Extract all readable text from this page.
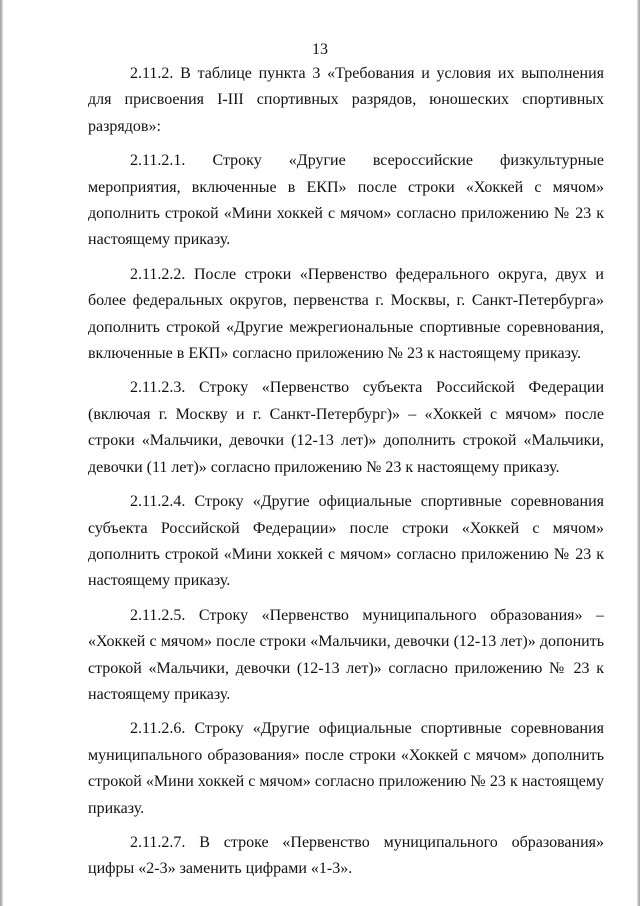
13

2.11.2. В таблице пункта 3 «Требования и условия их выполнения для присвоения I-III спортивных разрядов, юношеских спортивных разрядов»:

2.11.2.1. Строку «Другие всероссийские физкультурные мероприятия, включенные в ЕКП» после строки «Хоккей с мячом» дополнить строкой «Мини хоккей с мячом» согласно приложению № 23 к настоящему приказу.

2.11.2.2. После строки «Первенство федерального округа, двух и более федеральных округов, первенства г. Москвы, г. Санкт-Петербурга» дополнить строкой «Другие межрегиональные спортивные соревнования, включенные в ЕКП» согласно приложению № 23 к настоящему приказу.

2.11.2.3. Строку «Первенство субъекта Российской Федерации (включая г. Москву и г. Санкт-Петербург)» – «Хоккей с мячом» после строки «Мальчики, девочки (12-13 лет)» дополнить строкой «Мальчики, девочки (11 лет)» согласно приложению № 23 к настоящему приказу.

2.11.2.4. Строку «Другие официальные спортивные соревнования субъекта Российской Федерации» после строки «Хоккей с мячом» дополнить строкой «Мини хоккей с мячом» согласно приложению № 23 к настоящему приказу.

2.11.2.5. Строку «Первенство муниципального образования» – «Хоккей с мячом» после строки «Мальчики, девочки (12-13 лет)» допонить строкой «Мальчики, девочки (12-13 лет)» согласно приложению № 23 к настоящему приказу.

2.11.2.6. Строку «Другие официальные спортивные соревнования муниципального образования» после строки «Хоккей с мячом» дополнить строкой «Мини хоккей с мячом» согласно приложению № 23 к настоящему приказу.

2.11.2.7. В строке «Первенство муниципального образования» цифры «2-3» заменить цифрами «1-3».
